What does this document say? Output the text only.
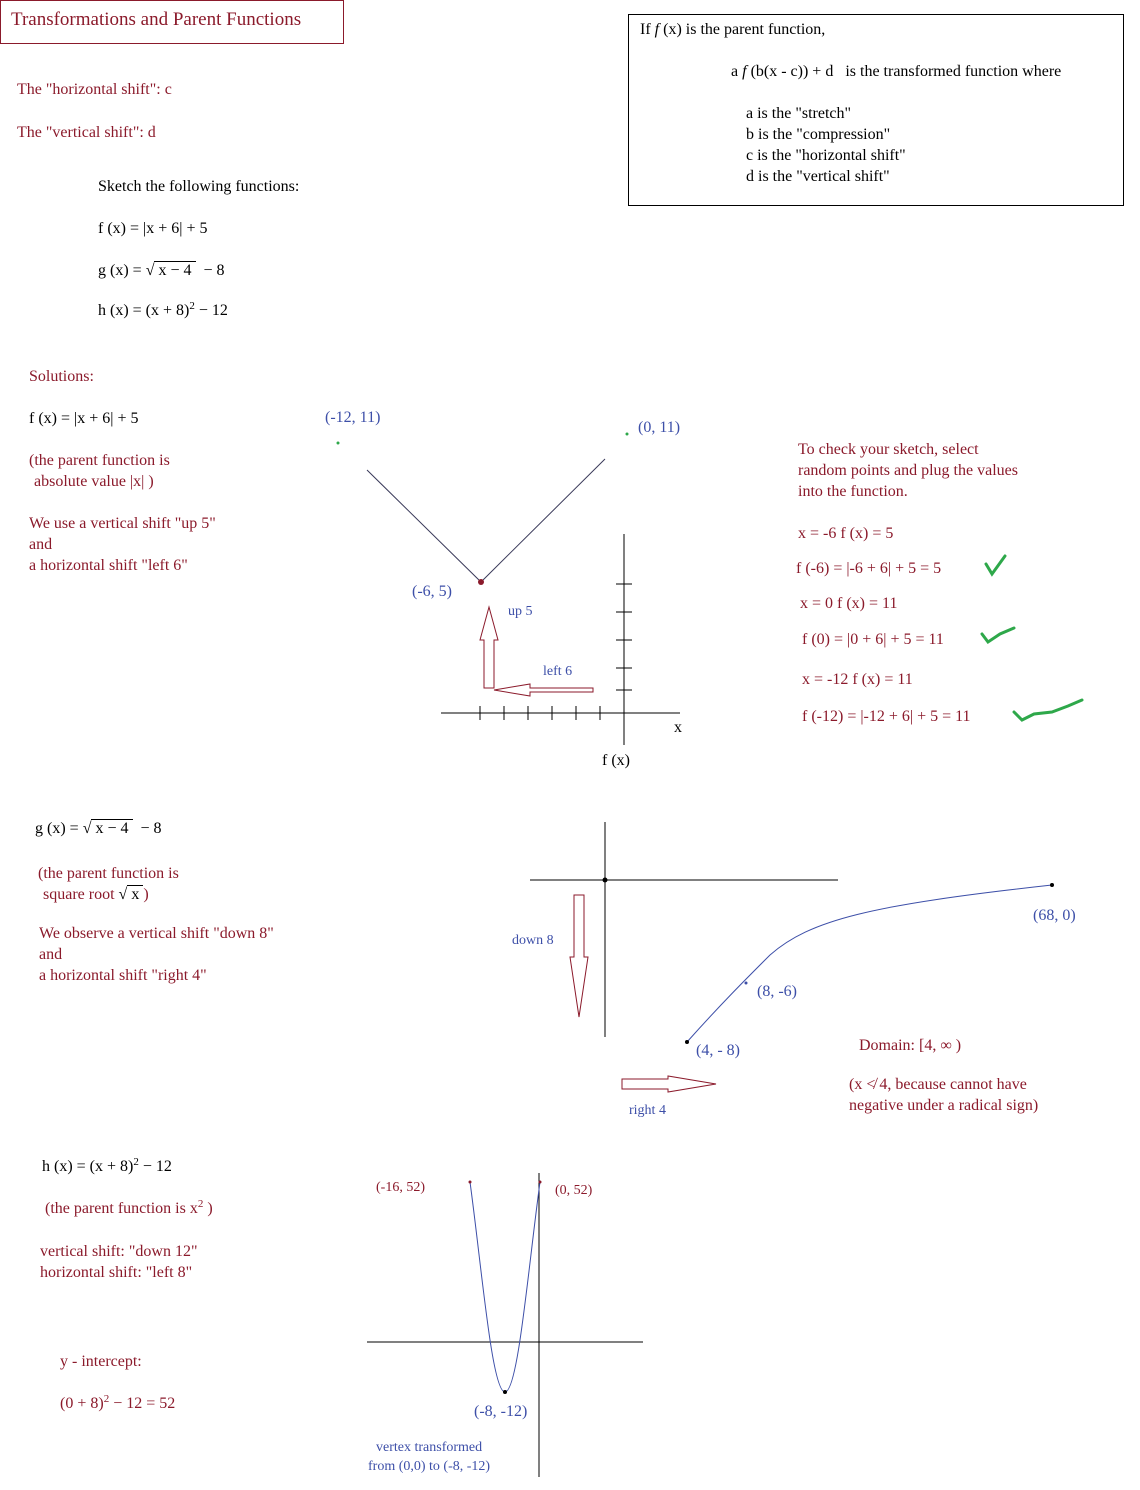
Transformations and Parent Functions
The "horizontal shift": c
The "vertical shift": d
If f (x) is the parent function,
a f (b(x - c)) + d is the transformed function where
a is the "stretch"
b is the "compression"
c is the "horizontal shift"
d is the "vertical shift"
Sketch the following functions:
f (x) = |x + 6| + 5
g (x) = √ x − 4 − 8
h $(x) = (x + 8)^2 - 12$
Solutions:
f (x) = |x + 6| + 5
(the parent function is
absolute value |x| )
We use a vertical shift "up 5"
and
a horizontal shift "left 6"
(-12, 11)
(0, 11)
(-6, 5)
up 5
left 6
x
f (x)
To check your sketch, select
random points and plug the values
into the function.
x = -6 f (x) = 5
f (-6) = |-6 + 6| + 5 = 5
x = 0 f (x) = 11
f (0) = |0 + 6| + 5 = 11
x = -12 f (x) = 11
f (-12) = |-12 + 6| + 5 = 11
g (x) = √ x − 4 − 8
(the parent function is
square root √ x )
We observe a vertical shift "down 8"
and
a horizontal shift "right 4"
down 8
right 4
(68, 0)
(8, -6)
(4, - 8)	Domain: [4, ∞ )
(x ≮ 4, because cannot have
negative under a radical sign)
h $(x) = (x + 8)^2 - 12$
(the parent function is $x^2$ )
vertical shift: "down 12"
horizontal shift: "left 8"
y - intercept:
$(0 + 8)^2 - 12 = 52$
(-16, 52)	(0, 52)
(-8, -12)
vertex transformed
from (0,0) to (-8, -12)
